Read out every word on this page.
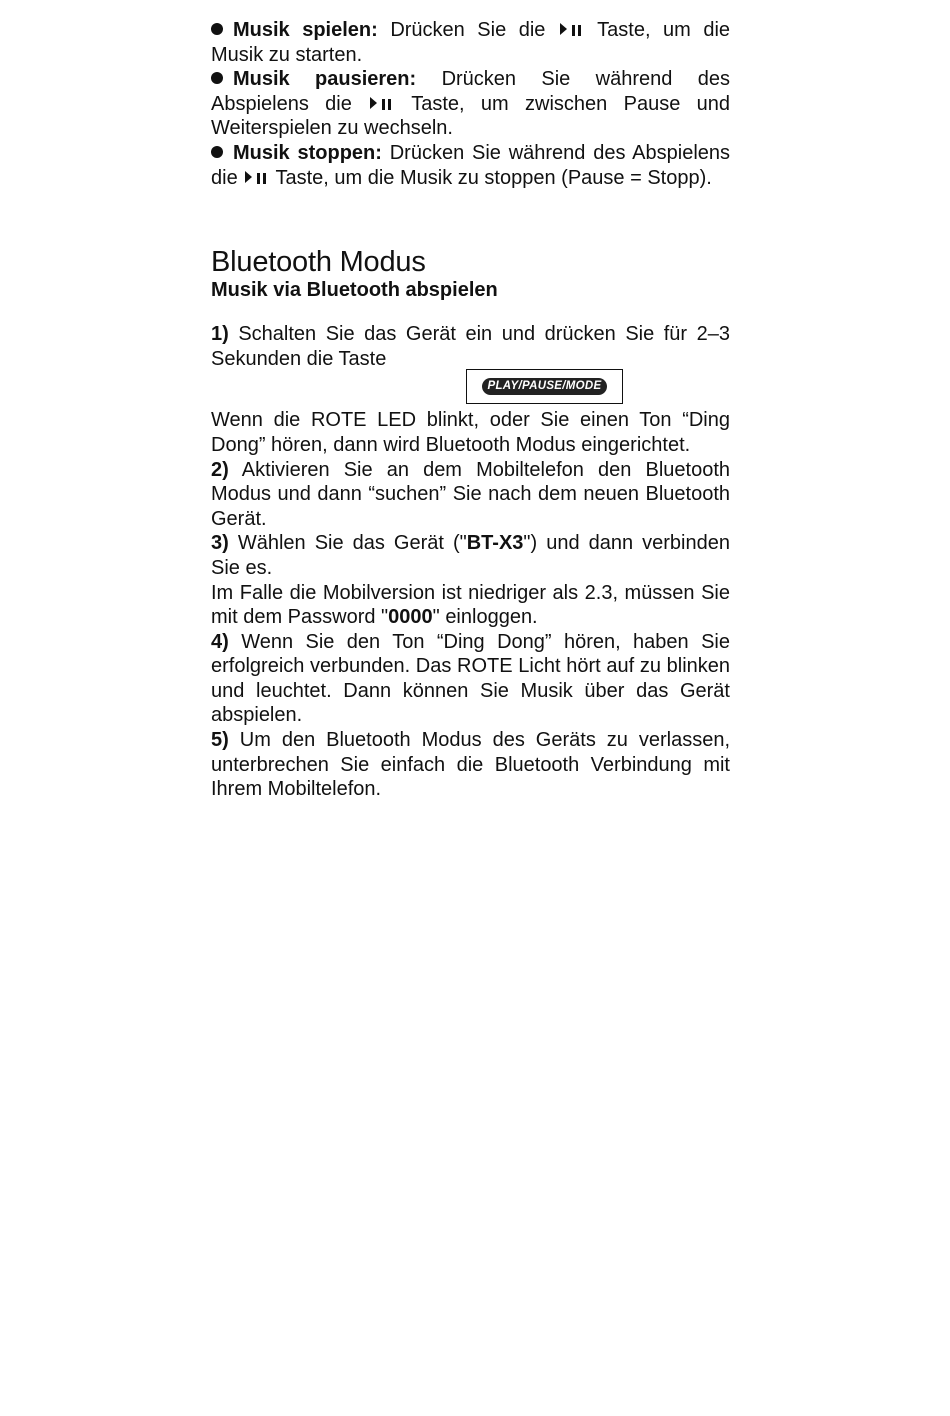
Musik spielen: Drücken Sie die	Taste, um die Musik zu starten.

Musik pausieren: Drücken Sie während des Abspielens die	Taste, um zwischen Pause und Weiterspielen zu wechseln.

Musik stoppen: Drücken Sie während des Abspielens die Taste, um die Musik zu stoppen (Pause = Stopp).

Bluetooth Modus
Musik via Bluetooth abspielen

1) Schalten Sie das Gerät ein und drücken Sie für 2–3 Sekunden die Taste

PLAY/PAUSE/MODE

Wenn die ROTE LED blinkt, oder Sie einen Ton “Ding Dong” hören, dann wird Bluetooth Modus eingerichtet.

2) Aktivieren Sie an dem Mobiltelefon den Bluetooth Modus und dann “suchen” Sie nach dem neuen Bluetooth Gerät.

3) Wählen Sie das Gerät ("BT-X3") und dann verbinden Sie es.

Im Falle die Mobilversion ist niedriger als 2.3, müssen Sie mit dem Password "0000" einloggen.

4) Wenn Sie den Ton “Ding Dong” hören, haben Sie erfolgreich verbunden. Das ROTE Licht hört auf zu blinken und leuchtet. Dann können Sie Musik über das Gerät abspielen.

5) Um den Bluetooth Modus des Geräts zu verlassen, unterbrechen Sie einfach die Bluetooth Verbindung mit Ihrem Mobiltelefon.
